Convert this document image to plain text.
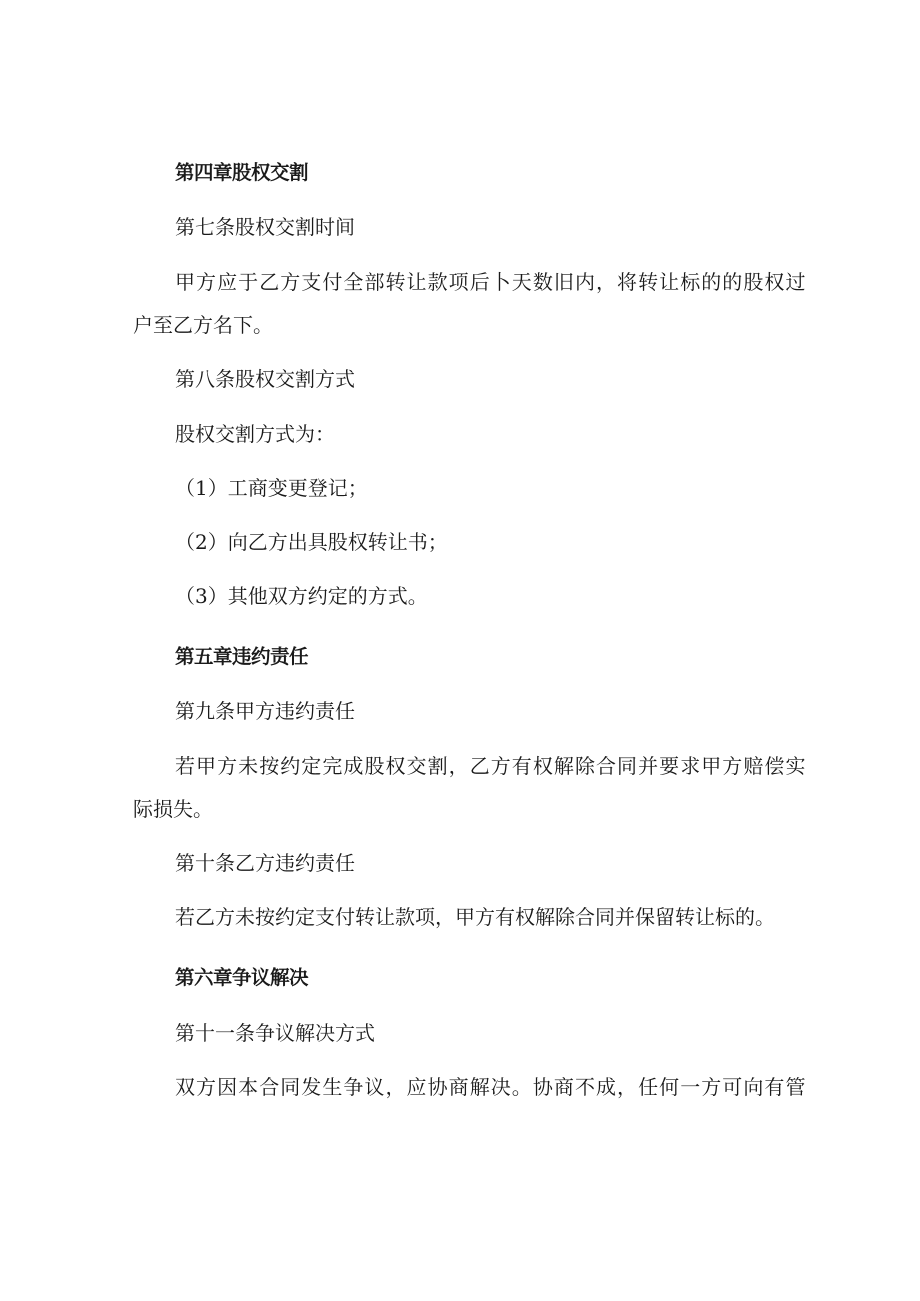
第四章股权交割
第七条股权交割时间
甲方应于乙方支付全部转让款项后卜天数旧内，将转让标的的股权过
户至乙方名下。
第八条股权交割方式
股权交割方式为：
（1）工商变更登记；
（2）向乙方出具股权转让书；
（3）其他双方约定的方式。
第五章违约责任
第九条甲方违约责任
若甲方未按约定完成股权交割，乙方有权解除合同并要求甲方赔偿实
际损失。
第十条乙方违约责任
若乙方未按约定支付转让款项，甲方有权解除合同并保留转让标的。
第六章争议解决
第十一条争议解决方式
双方因本合同发生争议，应协商解决。协商不成，任何一方可向有管
